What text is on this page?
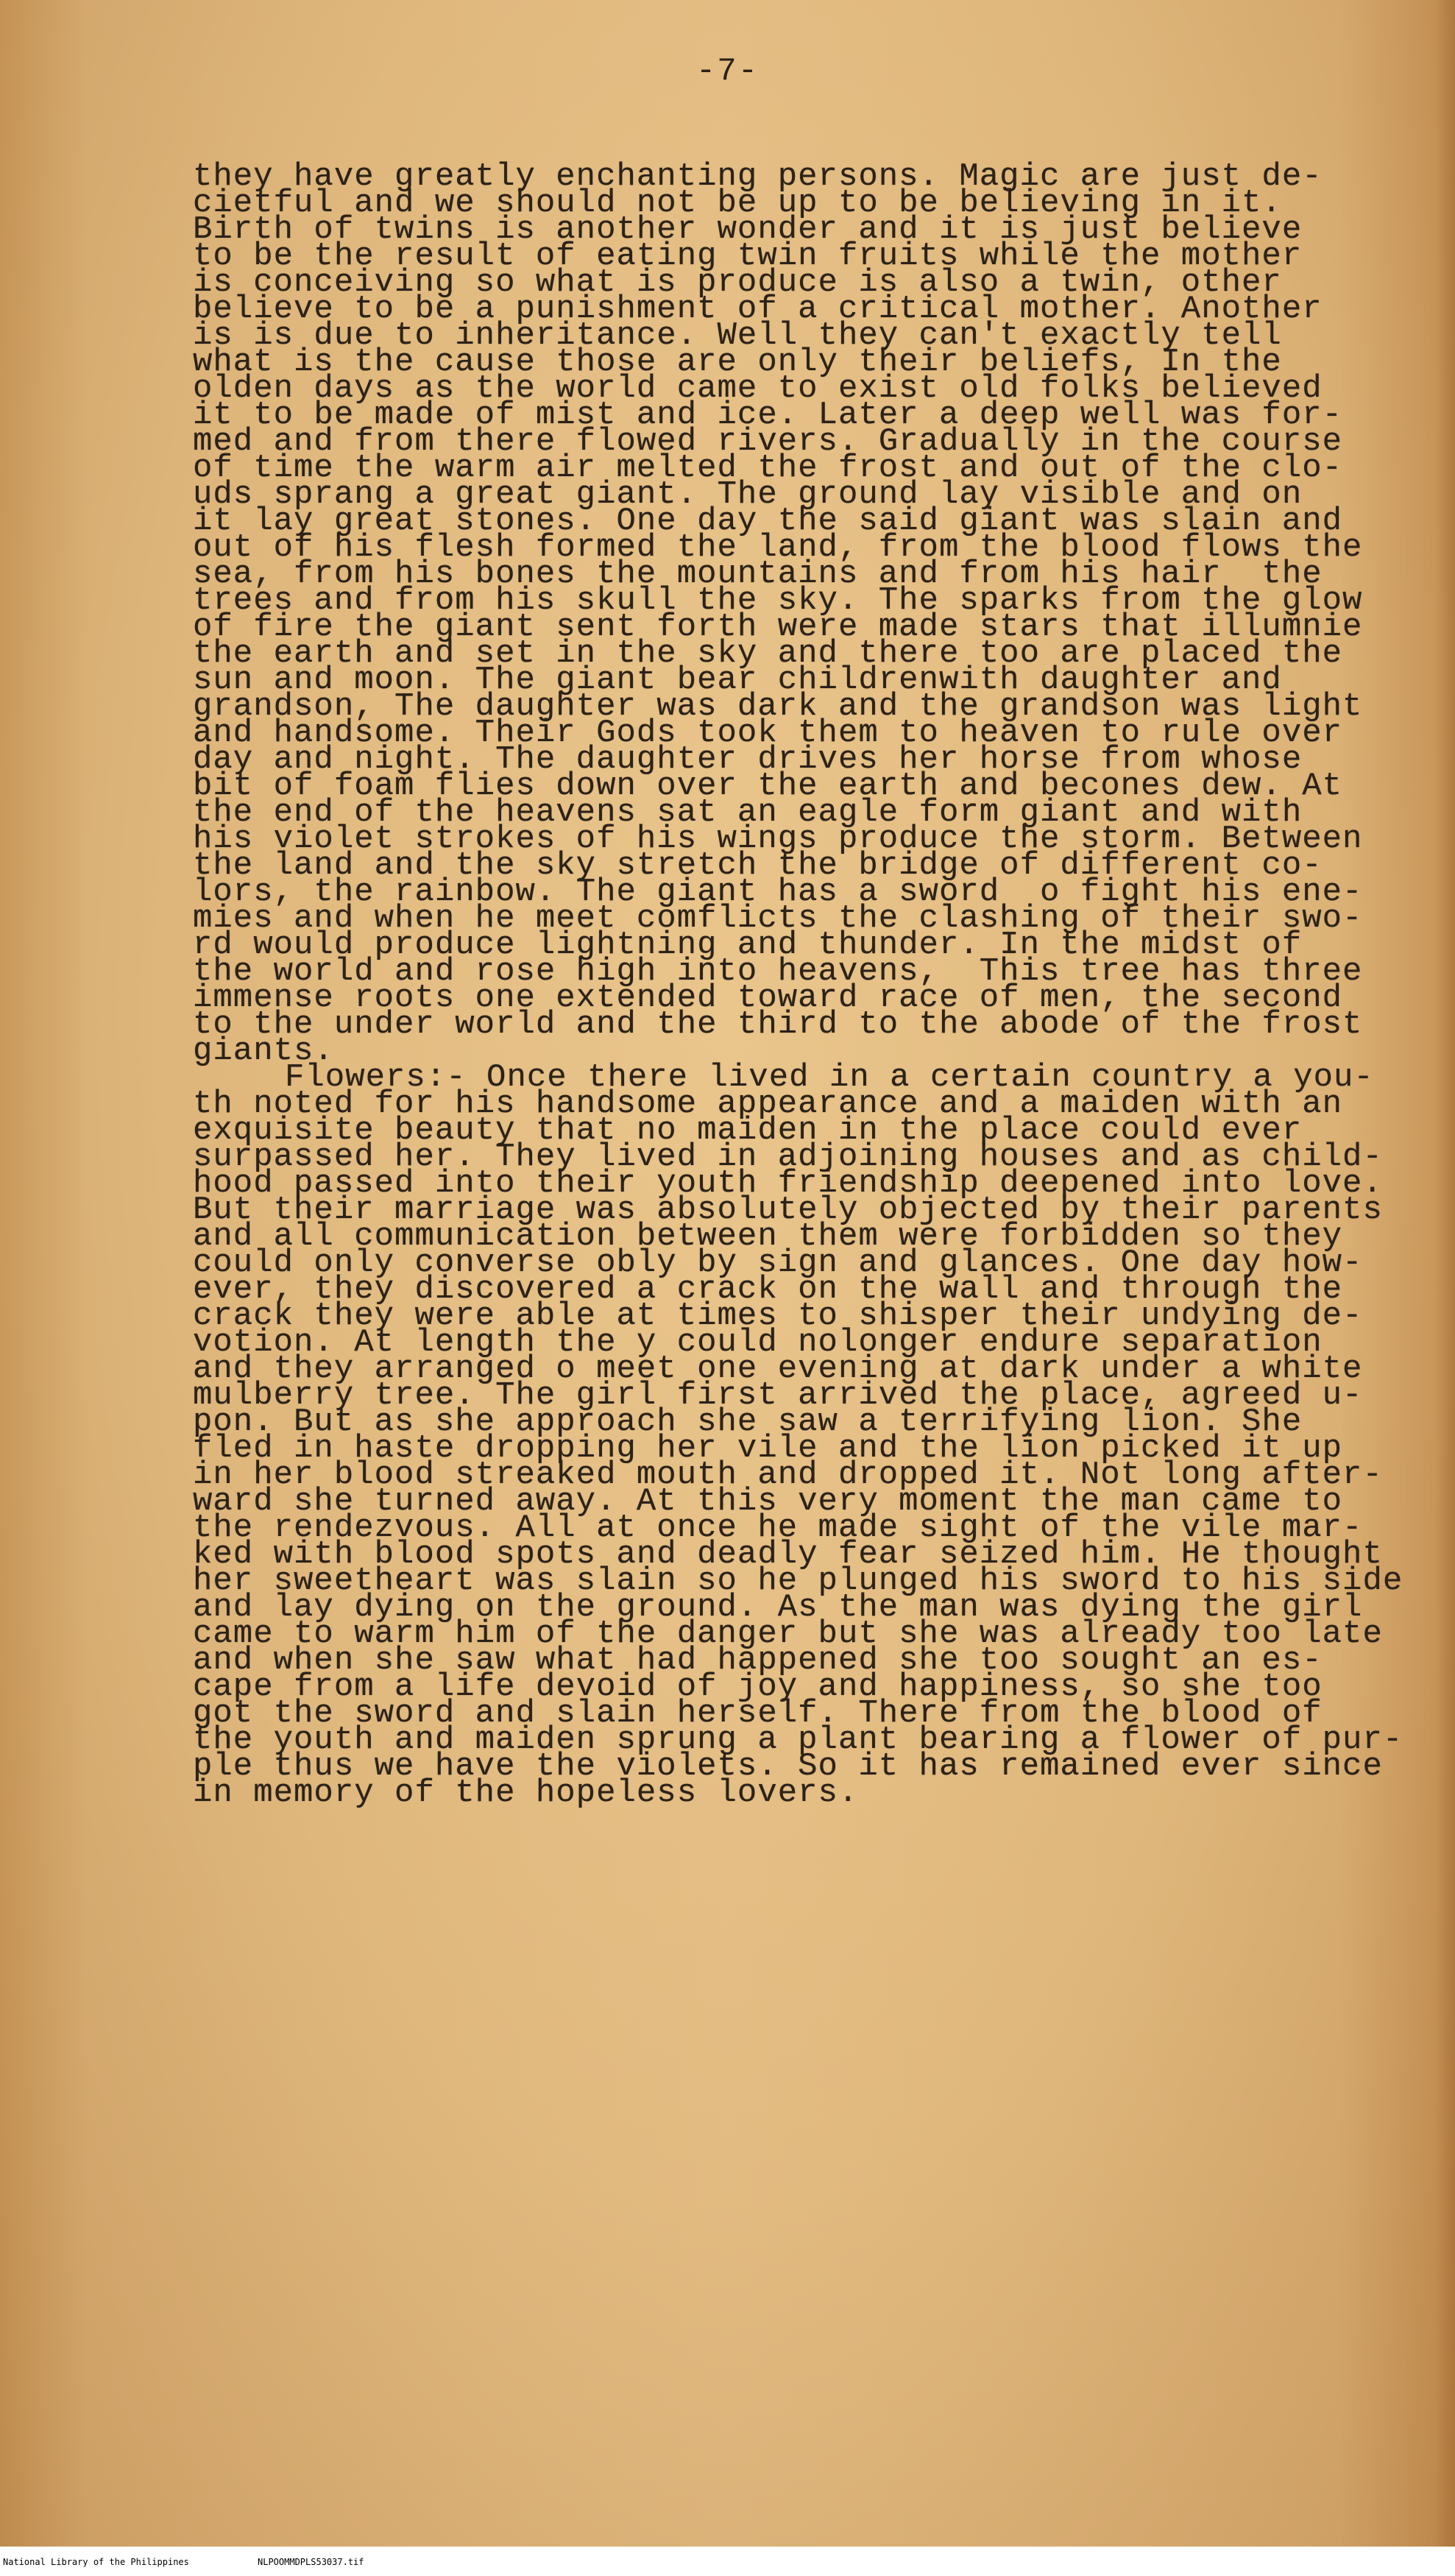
-7-
they have greatly enchanting persons. Magic are just de-
cietful and we should not be up to be believing in it.
Birth of twins is another wonder and it is just believe
to be the result of eating twin fruits while the mother
is conceiving so what is produce is also a twin, other
believe to be a punishment of a critical mother. Another
is is due to inheritance. Well they can't exactly tell
what is the cause those are only their beliefs, In the
olden days as the world came to exist old folks believed
it to be made of mist and ice. Later a deep well was for-
med and from there flowed rivers. Gradually in the course
of time the warm air melted the frost and out of the clo-
uds sprang a great giant. The ground lay visible and on
it lay great stones. One day the said giant was slain and
out of his flesh formed the land, from the blood flows the
sea, from his bones the mountains and from his hair  the
trees and from his skull the sky. The sparks from the glow
of fire the giant sent forth were made stars that illumnie
the earth and set in the sky and there too are placed the
sun and moon. The giant bear childrenwith daughter and
grandson, The daughter was dark and the grandson was light
and handsome. Their Gods took them to heaven to rule over
day and night. The daughter drives her horse from whose
bit of foam flies down over the earth and becones dew. At
the end of the heavens sat an eagle form giant and with
his violet strokes of his wings produce the storm. Between
the land and the sky stretch the bridge of different co-
lors, the rainbow. The giant has a sword  o fight his ene-
mies and when he meet comflicts the clashing of their swo-
rd would produce lightning and thunder. In the midst of
the world and rose high into heavens,  This tree has three
immense roots one extended toward race of men, the second
to the under world and the third to the abode of the frost
giants.
Flowers:- Once there lived in a certain country a you-
th noted for his handsome appearance and a maiden with an
exquisite beauty that no maiden in the place could ever
surpassed her. They lived in adjoining houses and as child-
hood passed into their youth friendship deepened into love.
But their marriage was absolutely objected by their parents
and all communication between them were forbidden so they
could only converse obly by sign and glances. One day how-
ever, they discovered a crack on the wall and through the
crack they were able at times to shisper their undying de-
votion. At length the y could nolonger endure separation
and they arranged o meet one evening at dark under a white
mulberry tree. The girl first arrived the place, agreed u-
pon. But as she approach she saw a terrifying lion. She
fled in haste dropping her vile and the lion picked it up
in her blood streaked mouth and dropped it. Not long after-
ward she turned away. At this very moment the man came to
the rendezvous. All at once he made sight of the vile mar-
ked with blood spots and deadly fear seized him. He thought
her sweetheart was slain so he plunged his sword to his side
and lay dying on the ground. As the man was dying the girl
came to warm him of the danger but she was already too late
and when she saw what had happened she too sought an es-
cape from a life devoid of joy and happiness, so she too
got the sword and slain herself. There from the blood of
the youth and maiden sprung a plant bearing a flower of pur-
ple thus we have the violets. So it has remained ever since
in memory of the hopeless lovers.
National Library of the Philippines	NLPOOMMDPLS53037.tif
